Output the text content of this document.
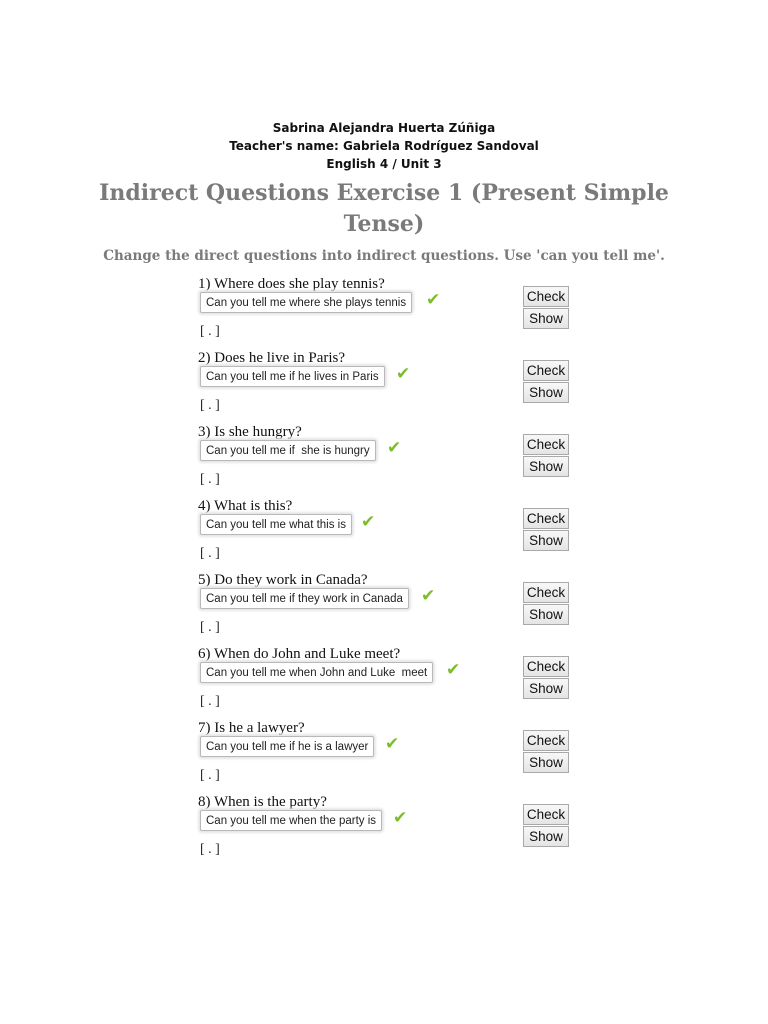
Sabrina Alejandra Huerta Zúñiga
Teacher's name: Gabriela Rodríguez Sandoval
English 4 / Unit 3
Indirect Questions Exercise 1 (Present Simple
Tense)
Change the direct questions into indirect questions. Use 'can you tell me'.
1) Where does she play tennis?
Can you tell me where she plays tennis	✔
[ . ]
Check
Show
2) Does he live in Paris?
Can you tell me if he lives in Paris	✔
[ . ]
Check
Show
3) Is she hungry?
Can you tell me if  she is hungry	✔
[ . ]
Check
Show
4) What is this?
Can you tell me what this is ✔
[ . ]
Check
Show
5) Do they work in Canada?
Can you tell me if they work in Canada	✔
[ . ]
Check
Show
6) When do John and Luke meet?
Can you tell me when John and Luke  meet	✔
[ . ]
Check
Show
7) Is he a lawyer?
Can you tell me if he is a lawyer ✔
[ . ]
Check
Show
8) When is the party?
Can you tell me when the party is ✔
[ . ]
Check
Show
